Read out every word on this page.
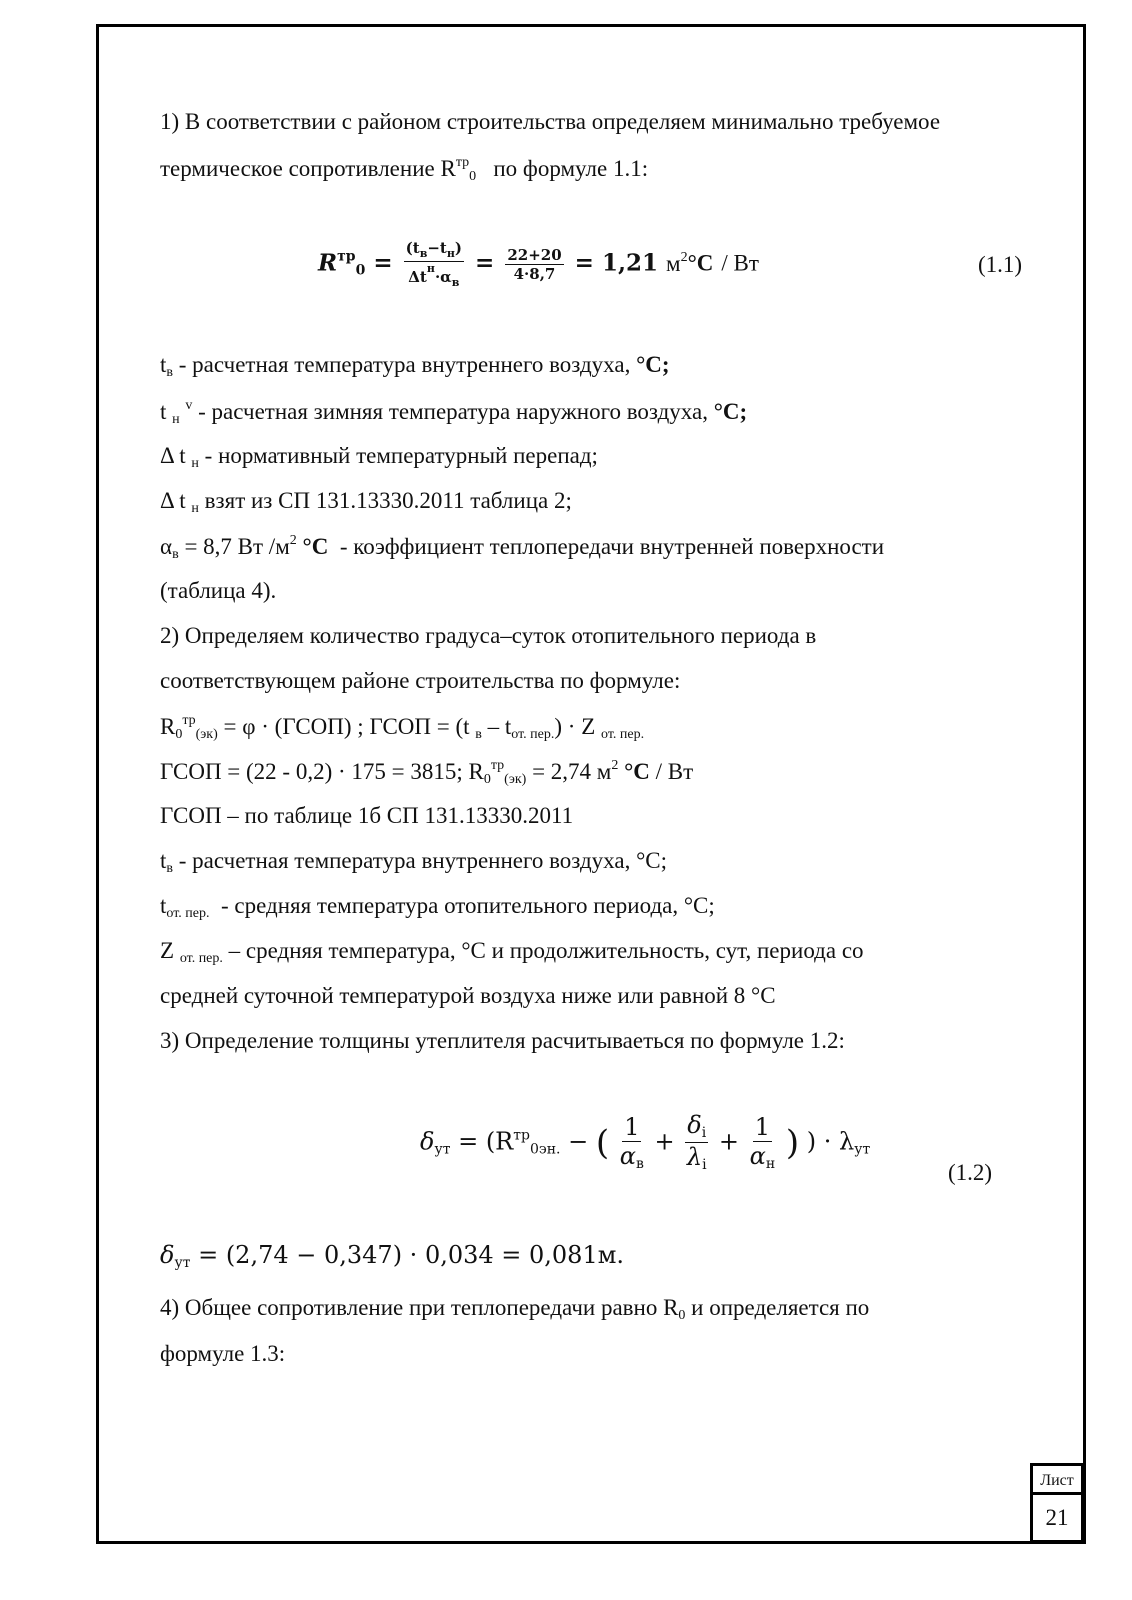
1) В соответствии с районом строительства определяем минимально требуемое
термическое сопротивление $R^{тр}_0$ по формуле 1.1:
$R^{тр}_0 = \frac{(t_в-t_н)}{\Delta t^н\cdot\alpha_в} = \frac{22+20}{4\cdot 8,7} = 1,21$ $м^2^\circ С$ / Вт	(1.1)
$t_в$ - расчетная температура внутреннего воздуха, °С;
t $_н$ $^v$ - расчетная зимняя температура наружного воздуха, °С;
Δ t $_н$ - нормативный температурный перепад;
Δ t $_н$ взят из СП 131.13330.2011 таблица 2;
$\alpha_в = 8,7$ Вт $/м^2$ °С - коэффициент теплопередачи внутренней поверхности
(таблица 4).
2) Определяем количество градуса–суток отопительного периода в
соответствующем районе строительства по формуле:
$R_0^{тр}_{(эк)} = \varphi$ · (ГСОП) ; ГСОП = (t $_в - t_{от. пер.}) \cdot Z$ $_{от. пер.}$
ГСОП = (22 - 0,2) · 175 = 3815; $R_0^{тр}_{(эк)} = 2,74$ $м^2$ °С / Вт
ГСОП – по таблице 1б СП 131.13330.2011
$t_в$ - расчетная температура внутреннего воздуха, °С;
$t_{от. пер.}$ - средняя температура отопительного периода, °С;
Z $_{от. пер.}$ – средняя температура, °С и продолжительность, сут, периода со
средней суточной температурой воздуха ниже или равной 8 °С
3) Определение толщины утеплителя расчитываеться по формуле 1.2:
$\delta_{ут} = (R^{тр}_{0эн.}$ − ( $\frac{1}{\alpha_в} + \frac{\delta_i}{\lambda_i} + \frac{1}{\alpha_н}$ ) ) · $\lambda_{ут}$
(1.2)
$\delta_{ут} = (2,74 - 0,347) \cdot 0,034 = 0,081м$.
4) Общее сопротивление при теплопередачи равно $R_0$ и определяется по
формуле 1.3:
Лист
21
